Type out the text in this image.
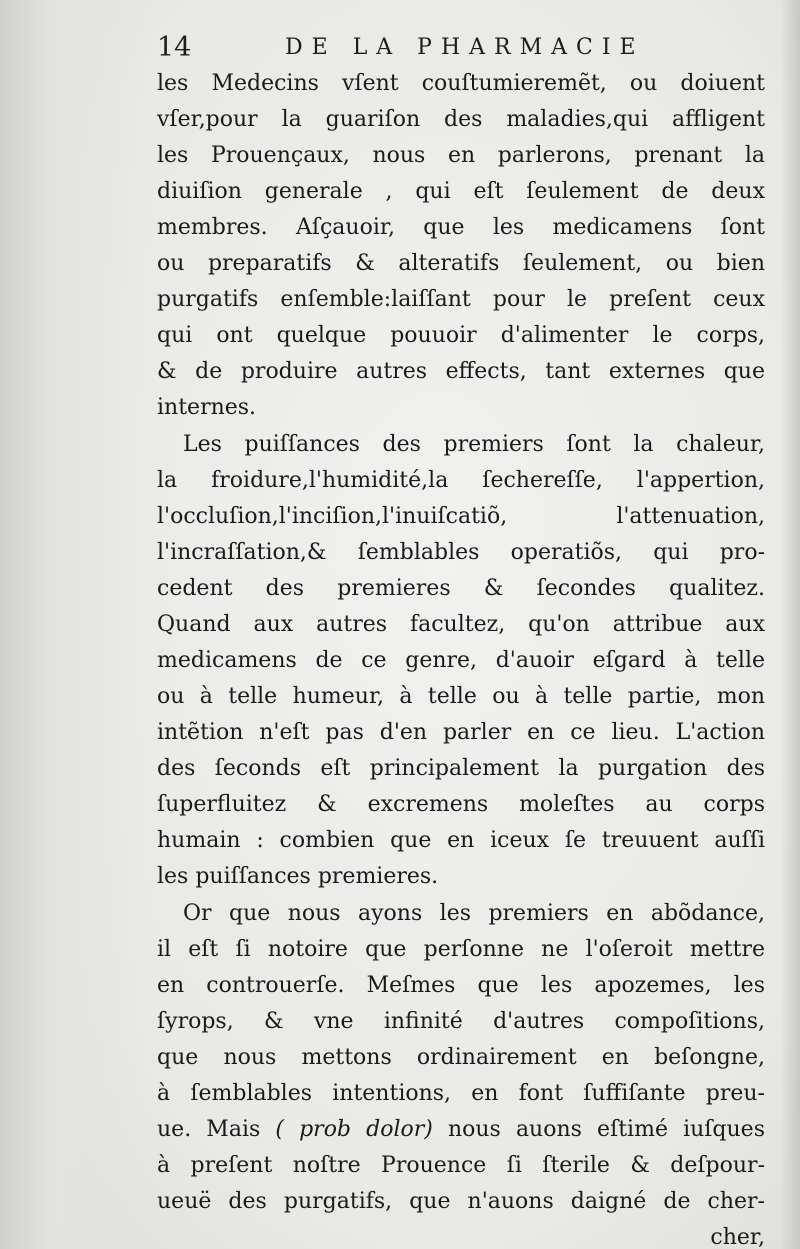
14	DE LA PHARMACIE
les Medecins vſent couſtumieremẽt, ou doiuent
vſer,pour la guariſon des maladies,qui affligent
les Prouençaux, nous en parlerons, prenant la
diuiſion generale , qui eſt ſeulement de deux
membres. Aſçauoir, que les medicamens ſont
ou preparatifs & alteratifs ſeulement, ou bien
purgatifs enſemble:laiſſant pour le preſent ceux
qui ont quelque pouuoir d'alimenter le corps,
& de produire autres effects, tant externes que
internes.
Les puiſſances des premiers ſont la chaleur,
la froidure,l'humidité,la ſechereſſe, l'appertion,
l'occluſion,l'inciſion,l'inuiſcatiõ, l'attenuation,
l'incraſſation,& ſemblables operatiõs, qui pro-
cedent des premieres & ſecondes qualitez.
Quand aux autres facultez, qu'on attribue aux
medicamens de ce genre, d'auoir eſgard à telle
ou à telle humeur, à telle ou à telle partie, mon
intẽtion n'eſt pas d'en parler en ce lieu. L'action
des ſeconds eſt principalement la purgation des
ſuperfluitez & excremens moleſtes au corps
humain : combien que en iceux ſe treuuent auſſi
les puiſſances premieres.
Or que nous ayons les premiers en abõdance,
il eſt ſi notoire que perſonne ne l'oſeroit mettre
en controuerſe. Meſmes que les apozemes, les
ſyrops, & vne infinité d'autres compoſitions,
que nous mettons ordinairement en beſongne,
à ſemblables intentions, en font ſuffiſante preu-
ue. Mais ( prob dolor) nous auons eſtimé iuſques
à preſent noſtre Prouence ſi ſterile & deſpour-
ueuë des purgatifs, que n'auons daigné de cher-
cher,
